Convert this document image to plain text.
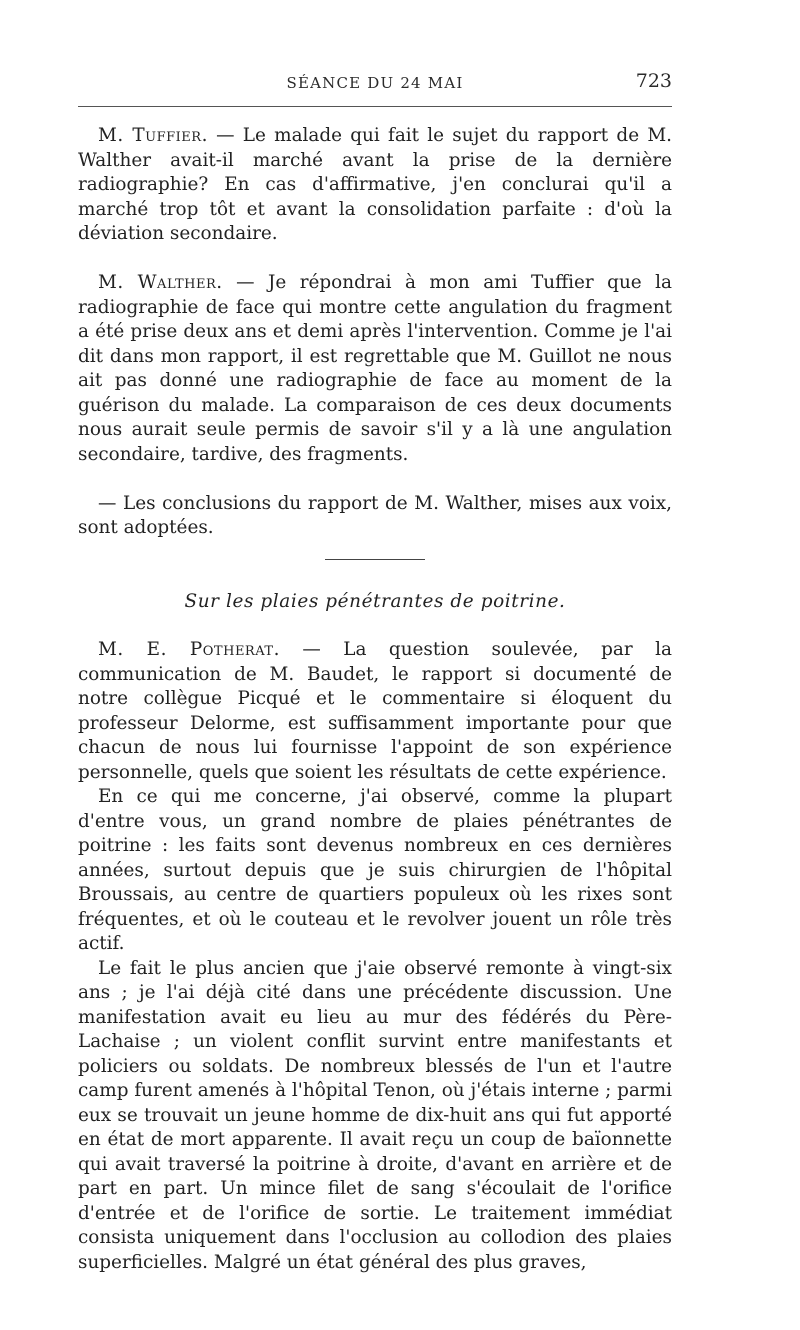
SÉANCE DU 24 MAI	723

M. Tuffier. — Le malade qui fait le sujet du rapport de M. Walther avait-il marché avant la prise de la dernière radiographie? En cas d'affirmative, j'en conclurai qu'il a marché trop tôt et avant la consolidation parfaite : d'où la déviation secondaire.

M. Walther. — Je répondrai à mon ami Tuffier que la radiographie de face qui montre cette angulation du fragment a été prise deux ans et demi après l'intervention. Comme je l'ai dit dans mon rapport, il est regrettable que M. Guillot ne nous ait pas donné une radiographie de face au moment de la guérison du malade. La comparaison de ces deux documents nous aurait seule permis de savoir s'il y a là une angulation secondaire, tardive, des fragments.

— Les conclusions du rapport de M. Walther, mises aux voix, sont adoptées.

Sur les plaies pénétrantes de poitrine.

M. E. Potherat. — La question soulevée, par la communication de M. Baudet, le rapport si documenté de notre collègue Picqué et le commentaire si éloquent du professeur Delorme, est suffisamment importante pour que chacun de nous lui fournisse l'appoint de son expérience personnelle, quels que soient les résultats de cette expérience.

En ce qui me concerne, j'ai observé, comme la plupart d'entre vous, un grand nombre de plaies pénétrantes de poitrine : les faits sont devenus nombreux en ces dernières années, surtout depuis que je suis chirurgien de l'hôpital Broussais, au centre de quartiers populeux où les rixes sont fréquentes, et où le couteau et le revolver jouent un rôle très actif.

Le fait le plus ancien que j'aie observé remonte à vingt-six ans ; je l'ai déjà cité dans une précédente discussion. Une manifestation avait eu lieu au mur des fédérés du Père-Lachaise ; un violent conflit survint entre manifestants et policiers ou soldats. De nombreux blessés de l'un et l'autre camp furent amenés à l'hôpital Tenon, où j'étais interne ; parmi eux se trouvait un jeune homme de dix-huit ans qui fut apporté en état de mort apparente. Il avait reçu un coup de baïonnette qui avait traversé la poitrine à droite, d'avant en arrière et de part en part. Un mince filet de sang s'écoulait de l'orifice d'entrée et de l'orifice de sortie. Le traitement immédiat consista uniquement dans l'occlusion au collodion des plaies superficielles. Malgré un état général des plus graves,
